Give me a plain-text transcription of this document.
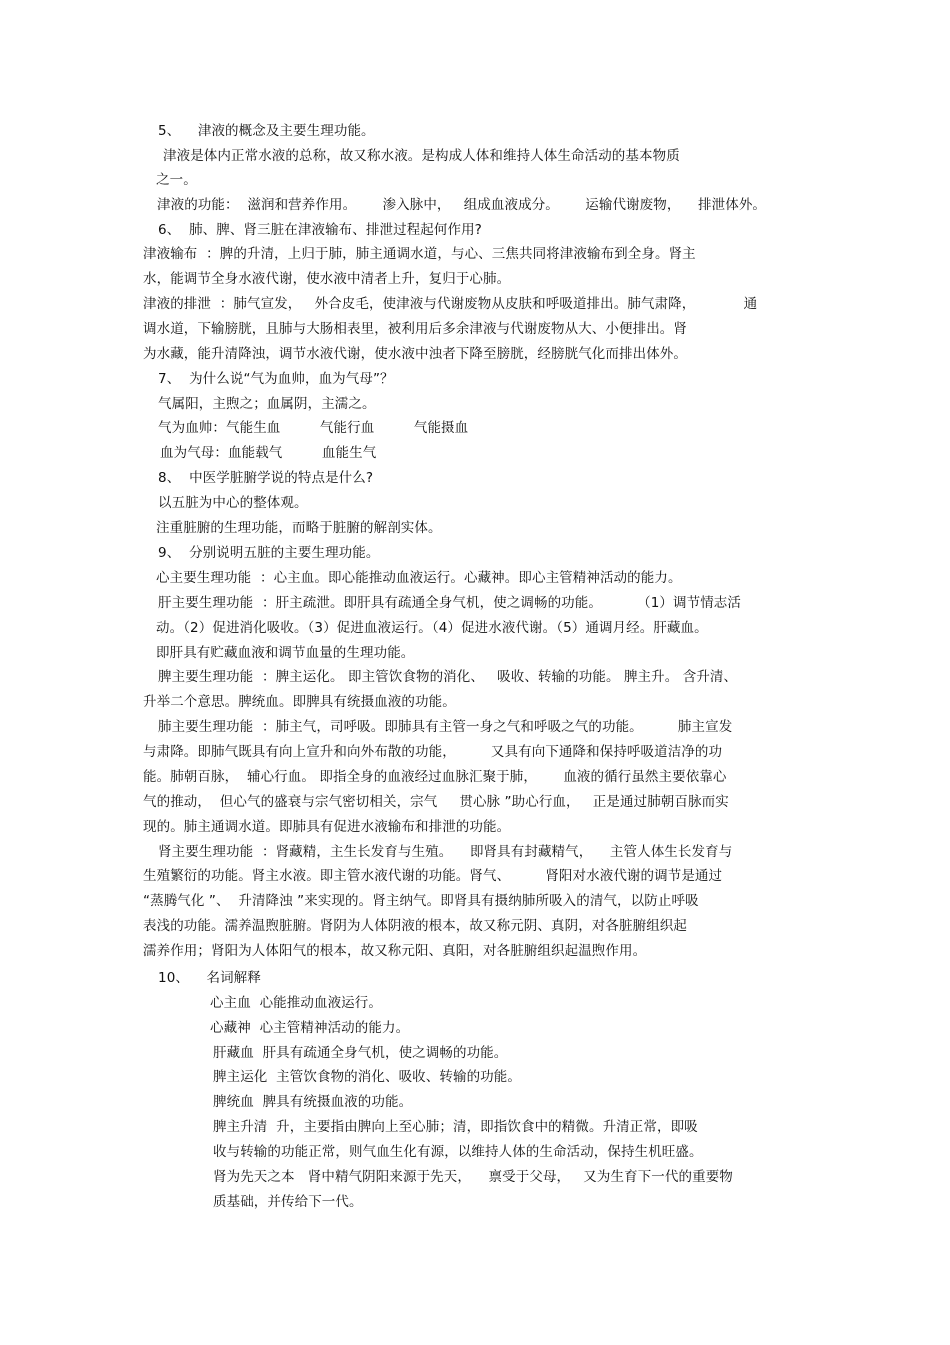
5、    津液的概念及主要生理功能。
津液是体内正常水液的总称，故又称水液。是构成人体和维持人体生命活动的基本物质
之一。
津液的功能：  滋润和营养作用。      渗入脉中，   组成血液成分。      运输代谢废物，    排泄体外。
6、  肺、脾、肾三脏在津液输布、排泄过程起何作用?
津液输布  ：脾的升清，上归于肺，肺主通调水道，与心、三焦共同将津液输布到全身。肾主
水，能调节全身水液代谢，使水液中清者上升，复归于心肺。
津液的排泄  ：肺气宣发，   外合皮毛，使津液与代谢废物从皮肤和呼吸道排出。肺气肃降，           通
调水道，下输膀胱，且肺与大肠相表里，被利用后多余津液与代谢废物从大、小便排出。肾
为水藏，能升清降浊，调节水液代谢，使水液中浊者下降至膀胱，经膀胱气化而排出体外。
7、  为什么说“气为血帅，血为气母”？
气属阳，主煦之；血属阴，主濡之。
气为血帅：气能生血         气能行血         气能摄血
血为气母：血能载气         血能生气
8、  中医学脏腑学说的特点是什么?
以五脏为中心的整体观。
注重脏腑的生理功能，而略于脏腑的解剖实体。
9、  分别说明五脏的主要生理功能。
心主要生理功能  ：心主血。即心能推动血液运行。心藏神。即心主管精神活动的能力。
肝主要生理功能  ：肝主疏泄。即肝具有疏通全身气机，使之调畅的功能。        （1）调节情志活
动。（2）促进消化吸收。（3）促进血液运行。（4）促进水液代谢。（5）通调月经。肝藏血。
即肝具有贮藏血液和调节血量的生理功能。
脾主要生理功能  ：脾主运化。 即主管饮食物的消化、   吸收、转输的功能。 脾主升。 含升清、
升举二个意思。脾统血。即脾具有统摄血液的功能。
肺主要生理功能  ：肺主气，司呼吸。即肺具有主管一身之气和呼吸之气的功能。        肺主宣发
与肃降。即肺气既具有向上宣升和向外布散的功能，        又具有向下通降和保持呼吸道洁净的功
能。肺朝百脉，  辅心行血。 即指全身的血液经过血脉汇聚于肺，      血液的循行虽然主要依靠心
气的推动，  但心气的盛衰与宗气密切相关，宗气     贯心脉 ”助心行血，   正是通过肺朝百脉而实
现的。肺主通调水道。即肺具有促进水液输布和排泄的功能。
肾主要生理功能  ：肾藏精，主生长发育与生殖。    即肾具有封藏精气，    主管人体生长发育与
生殖繁衍的功能。肾主水液。即主管水液代谢的功能。肾气、        肾阳对水液代谢的调节是通过
“蒸腾气化 ”、  升清降浊 ”来实现的。肾主纳气。即肾具有摄纳肺所吸入的清气，以防止呼吸
表浅的功能。濡养温煦脏腑。肾阴为人体阴液的根本，故又称元阴、真阴，对各脏腑组织起
濡养作用；肾阳为人体阳气的根本，故又称元阳、真阳，对各脏腑组织起温煦作用。
10、    名词解释
心主血  心能推动血液运行。
心藏神  心主管精神活动的能力。
肝藏血  肝具有疏通全身气机，使之调畅的功能。
脾主运化  主管饮食物的消化、吸收、转输的功能。
脾统血  脾具有统摄血液的功能。
脾主升清  升，主要指由脾向上至心肺；清，即指饮食中的精微。升清正常，即吸
收与转输的功能正常，则气血生化有源，以维持人体的生命活动，保持生机旺盛。
肾为先天之本   肾中精气阴阳来源于先天，    禀受于父母，   又为生育下一代的重要物
质基础，并传给下一代。
